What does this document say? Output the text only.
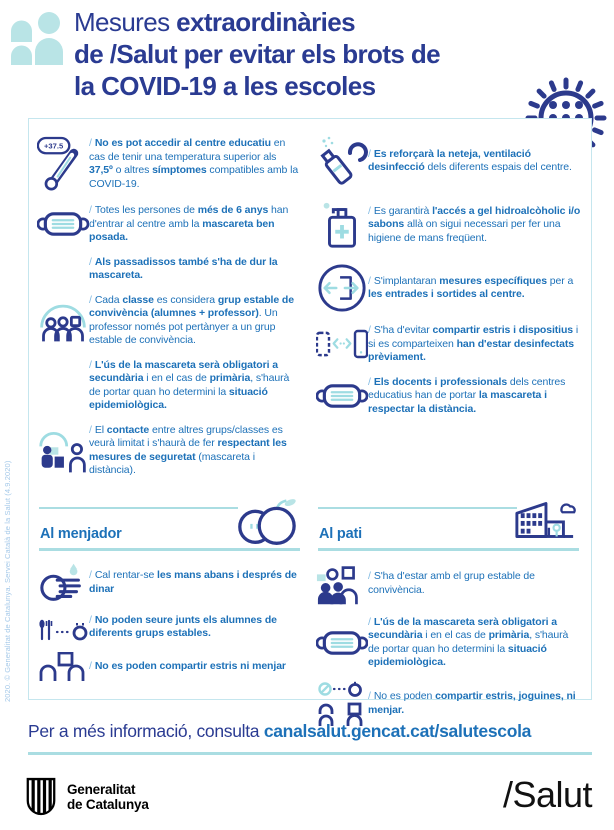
Mesures extraordinàries
de /Salut per evitar els brots de
la COVID-19 a les escoles
+37.5 / No es pot accedir al centre educatiu en cas de tenir una temperatura superior als 37,5º o altres símptomes compatibles amb la COVID-19.
/ Totes les persones de més de 6 anys han d'entrar al centre amb la mascareta ben posada.
/ Als passadissos també s'ha de dur la mascareta.
/ Cada classe es considera grup estable de convivència (alumnes + professor). Un professor només pot pertànyer a un grup estable de convivència.
/ L'ús de la mascareta serà obligatori a secundària i en el cas de primària, s'haurà de portar quan ho determini la situació epidemiològica.
/ El contacte entre altres grups/classes es veurà limitat i s'haurà de fer respectant les mesures de seguretat (mascareta i distància).
/ Es reforçarà la neteja, ventilació desinfecció dels diferents espais del centre.
/ Es garantirà l'accés a gel hidroalcòholic i/o sabons allà on sigui necessari per fer una higiene de mans freqüent.
/ S'implantaran mesures específiques per a les entrades i sortides al centre.
/ S'ha d'evitar compartir estris i dispositius i si es comparteixen han d'estar desinfectats prèviament.
/ Els docents i professionals dels centres educatius han de portar la mascareta i respectar la distància.
Al menjador
/ Cal rentar-se les mans abans i després de dinar
/ No poden seure junts els alumnes de diferents grups estables.
/ No es poden compartir estris ni menjar
Al pati
/ S'ha d'estar amb el grup estable de convivència.
/ L'ús de la mascareta serà obligatori a secundària i en el cas de primària, s'haurà de portar quan ho determini la situació epidemiològica.
/ No es poden compartir estris, joguines, ni menjar.
Per a més informació, consulta canalsalut.gencat.cat/salutescola
Generalitat
de Catalunya	/Salut
2020. © Generalitat de Catalunya. Servei Català de la Salut (4.9.2020)
